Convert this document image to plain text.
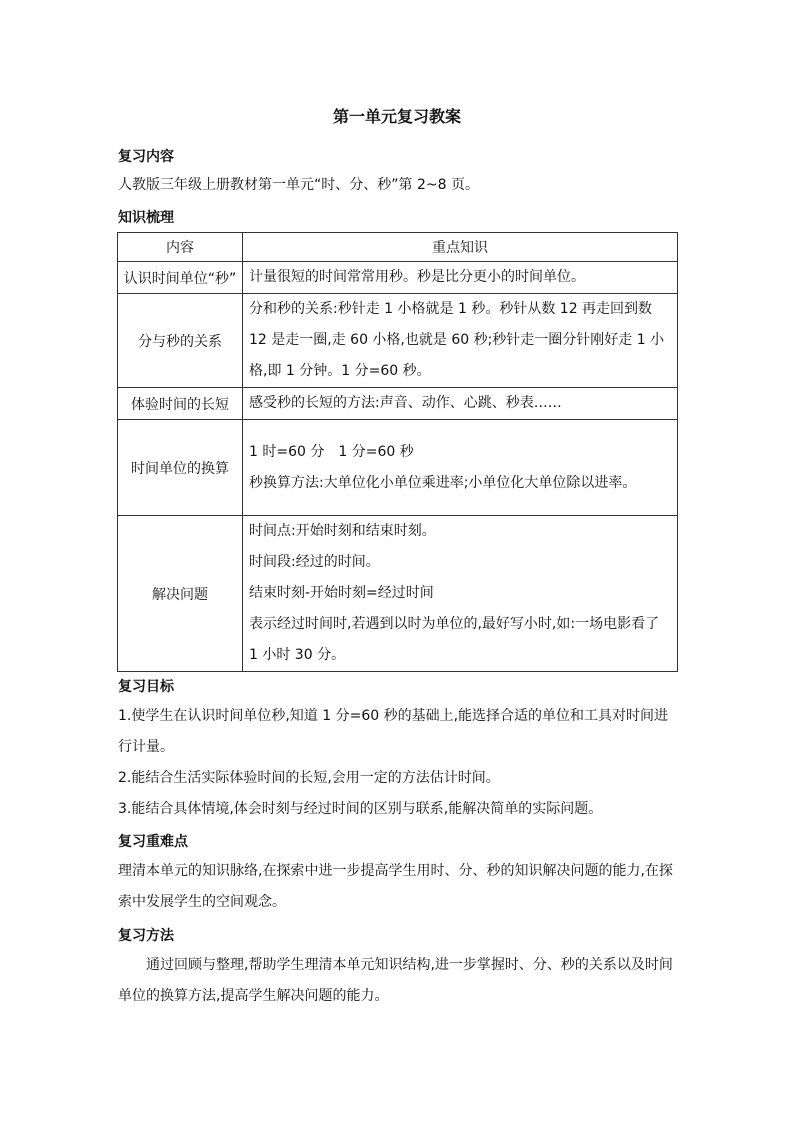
第一单元复习教案
复习内容
人教版三年级上册教材第一单元“时、分、秒”第 2~8 页。
知识梳理
内容	重点知识
认识时间单位“秒”	计量很短的时间常常用秒。秒是比分更小的时间单位。

分与秒的关系	分和秒的关系:秒针走 1 小格就是 1 秒。秒针从数 12 再走回到数 12 是走一圈,走 60 小格,也就是 60 秒;秒针走一圈分针刚好走 1 小格,即 1 分钟。1 分=60 秒。

体验时间的长短	感受秒的长短的方法:声音、动作、心跳、秒表……

时间单位的换算	1 时=60 分　1 分=60 秒
秒换算方法:大单位化小单位乘进率;小单位化大单位除以进率。

解决问题	时间点:开始时刻和结束时刻。
时间段:经过的时间。
结束时刻-开始时刻=经过时间
表示经过时间时,若遇到以时为单位的,最好写小时,如:一场电影看了 1 小时 30 分。
复习目标
1.使学生在认识时间单位秒,知道 1 分=60 秒的基础上,能选择合适的单位和工具对时间进行计量。
2.能结合生活实际体验时间的长短,会用一定的方法估计时间。
3.能结合具体情境,体会时刻与经过时间的区别与联系,能解决简单的实际问题。
复习重难点
理清本单元的知识脉络,在探索中进一步提高学生用时、分、秒的知识解决问题的能力,在探索中发展学生的空间观念。
复习方法
通过回顾与整理,帮助学生理清本单元知识结构,进一步掌握时、分、秒的关系以及时间单位的换算方法,提高学生解决问题的能力。
